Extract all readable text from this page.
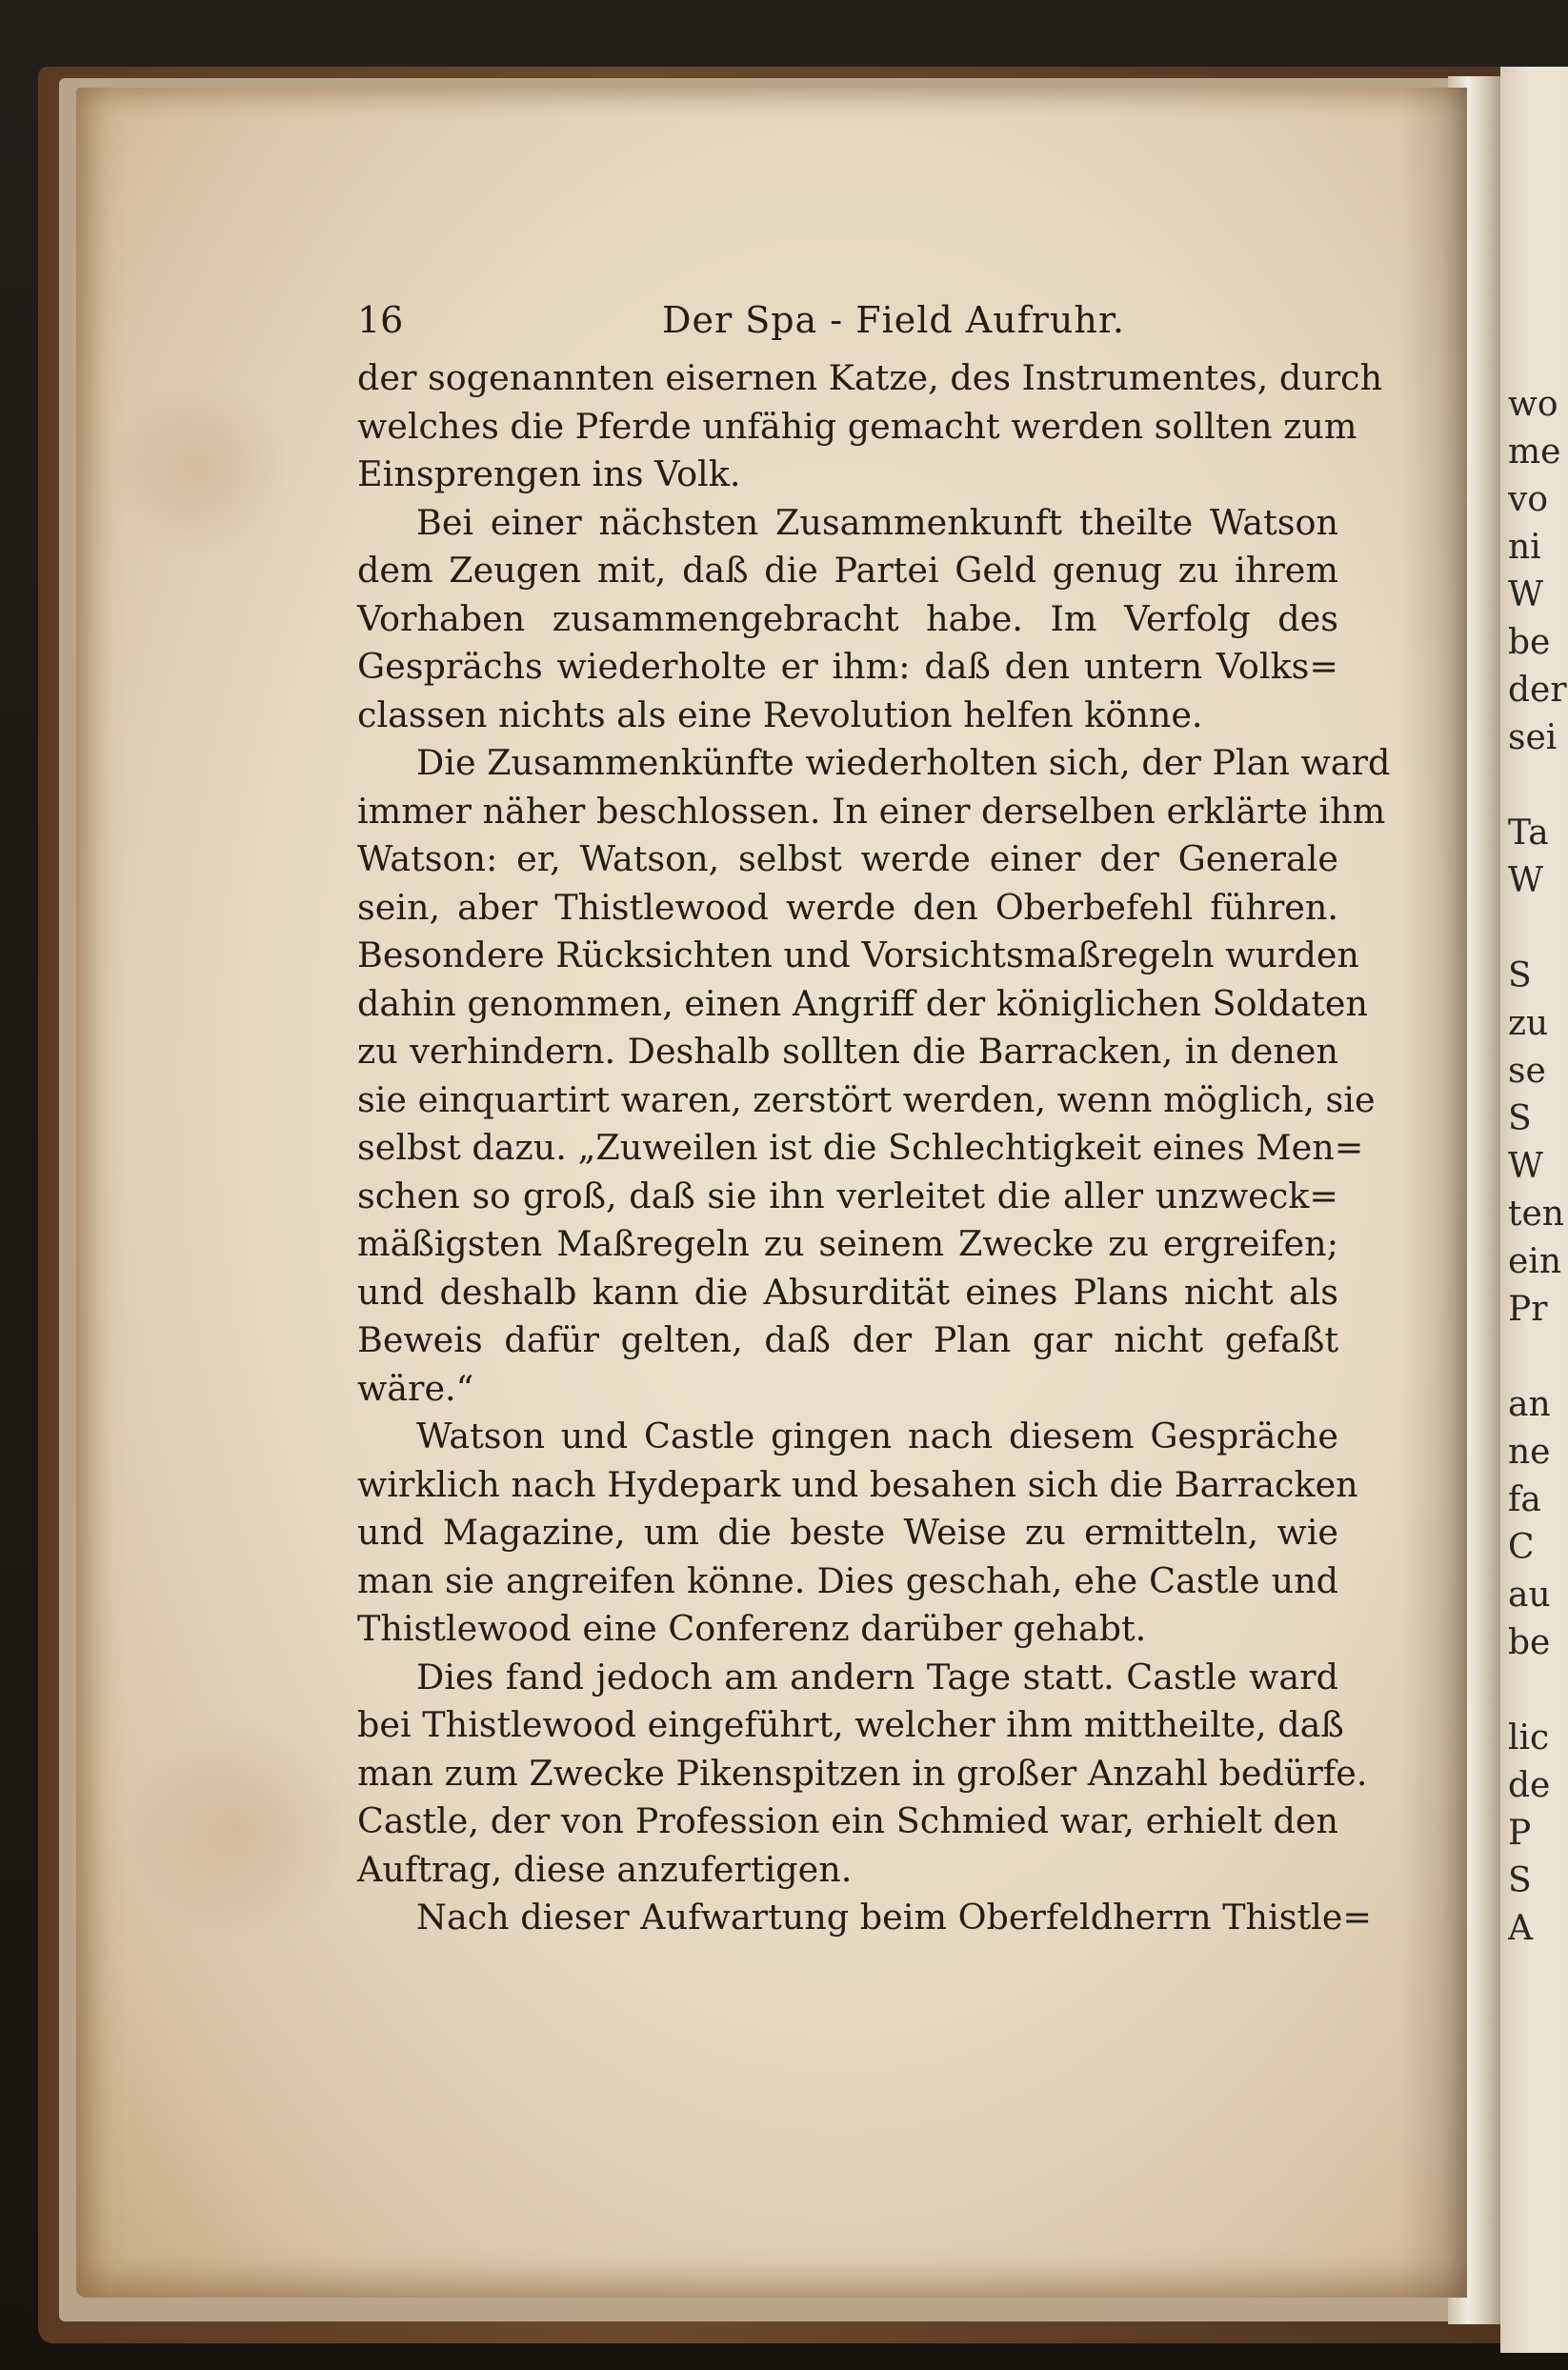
wo
me
vo
ni
W
be
der
sei
Ta
W
S
zu
se
S
W
ten
ein
Pr
an
ne
fa
C
au
be
lic
de
P
S
A
16	Der Spa - Field Aufruhr.
der sogenannten eisernen Katze, des Instrumentes, durch
welches die Pferde unfähig gemacht werden sollten zum
Einsprengen ins Volk.
Bei einer nächsten Zusammenkunft theilte Watson
dem Zeugen mit, daß die Partei Geld genug zu ihrem
Vorhaben zusammengebracht habe. Im Verfolg des
Gesprächs wiederholte er ihm: daß den untern Volks=
classen nichts als eine Revolution helfen könne.
Die Zusammenkünfte wiederholten sich, der Plan ward
immer näher beschlossen. In einer derselben erklärte ihm
Watson: er, Watson, selbst werde einer der Generale
sein, aber Thistlewood werde den Oberbefehl führen.
Besondere Rücksichten und Vorsichtsmaßregeln wurden
dahin genommen, einen Angriff der königlichen Soldaten
zu verhindern. Deshalb sollten die Barracken, in denen
sie einquartirt waren, zerstört werden, wenn möglich, sie
selbst dazu. „Zuweilen ist die Schlechtigkeit eines Men=
schen so groß, daß sie ihn verleitet die aller unzweck=
mäßigsten Maßregeln zu seinem Zwecke zu ergreifen;
und deshalb kann die Absurdität eines Plans nicht als
Beweis dafür gelten, daß der Plan gar nicht gefaßt
wäre.“
Watson und Castle gingen nach diesem Gespräche
wirklich nach Hydepark und besahen sich die Barracken
und Magazine, um die beste Weise zu ermitteln, wie
man sie angreifen könne. Dies geschah, ehe Castle und
Thistlewood eine Conferenz darüber gehabt.
Dies fand jedoch am andern Tage statt. Castle ward
bei Thistlewood eingeführt, welcher ihm mittheilte, daß
man zum Zwecke Pikenspitzen in großer Anzahl bedürfe.
Castle, der von Profession ein Schmied war, erhielt den
Auftrag, diese anzufertigen.
Nach dieser Aufwartung beim Oberfeldherrn Thistle=
